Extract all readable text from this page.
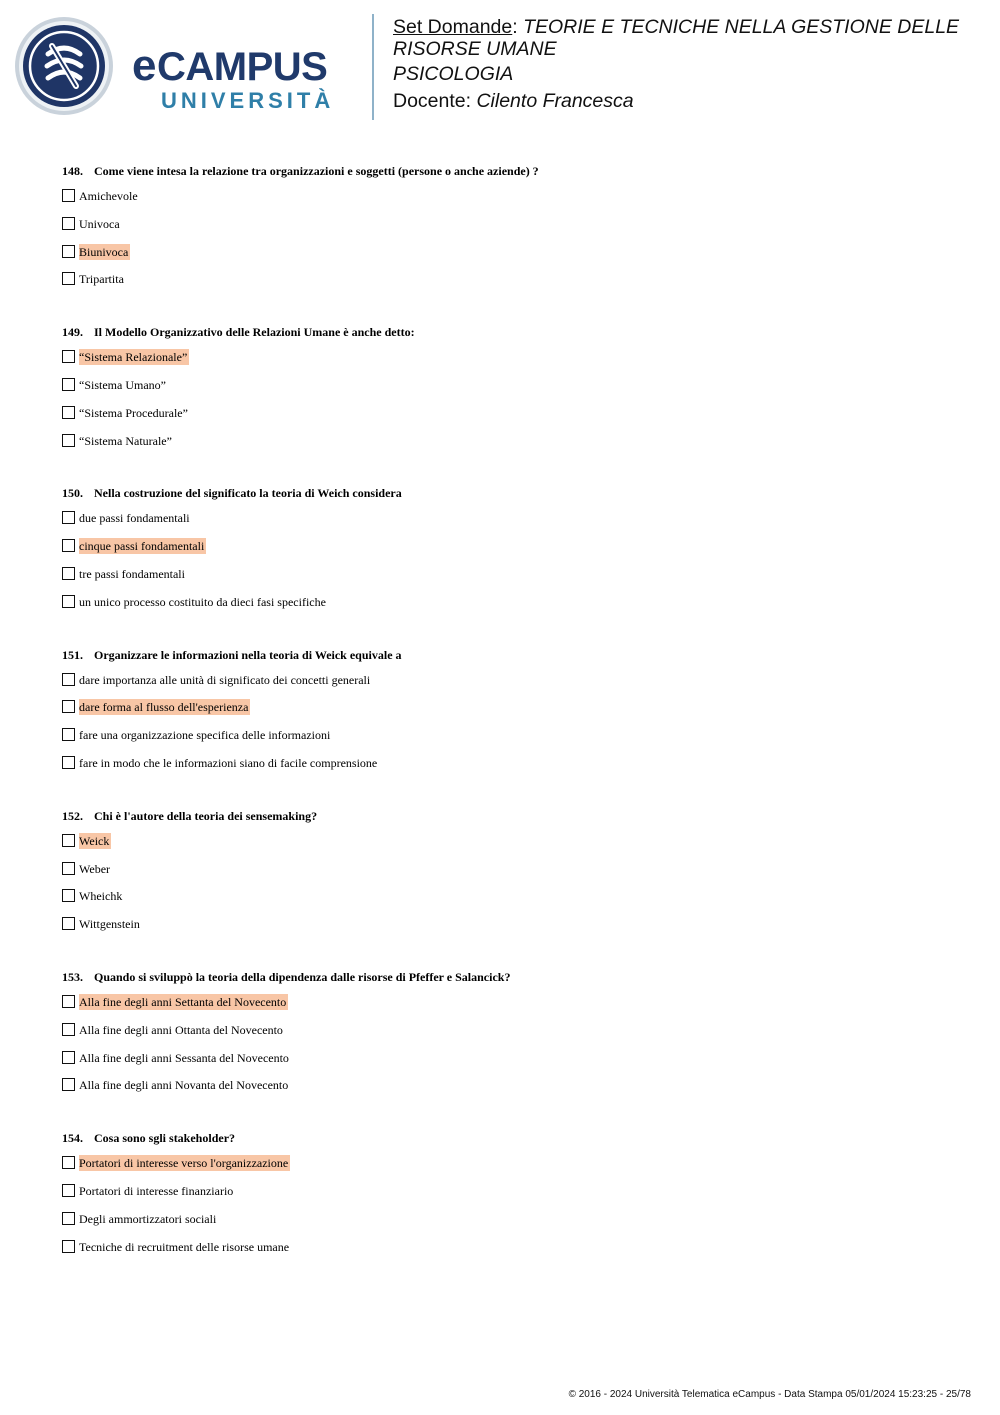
e CAMPUS
UNIVERSITÀ

Set Domande: TEORIE E TECNICHE NELLA GESTIONE DELLE RISORSE UMANE

PSICOLOGIA

Docente: Cilento Francesca

148. Come viene intesa la relazione tra organizzazioni e soggetti (persone o anche aziende) ?
Amichevole
Univoca
Biunivoca
Tripartita
149. Il Modello Organizzativo delle Relazioni Umane è anche detto:
“Sistema Relazionale”
“Sistema Umano”
“Sistema Procedurale”
“Sistema Naturale”
150. Nella costruzione del significato la teoria di Weich considera
due passi fondamentali
cinque passi fondamentali
tre passi fondamentali
un unico processo costituito da dieci fasi specifiche
151. Organizzare le informazioni nella teoria di Weick equivale a
dare importanza alle unità di significato dei concetti generali
dare forma al flusso dell'esperienza
fare una organizzazione specifica delle informazioni
fare in modo che le informazioni siano di facile comprensione
152. Chi è l'autore della teoria dei sensemaking?
Weick
Weber
Wheichk
Wittgenstein
153. Quando si sviluppò la teoria della dipendenza dalle risorse di Pfeffer e Salancick?
Alla fine degli anni Settanta del Novecento
Alla fine degli anni Ottanta del Novecento
Alla fine degli anni Sessanta del Novecento
Alla fine degli anni Novanta del Novecento
154. Cosa sono sgli stakeholder?
Portatori di interesse verso l'organizzazione
Portatori di interesse finanziario
Degli ammortizzatori sociali
Tecniche di recruitment delle risorse umane
© 2016 - 2024 Università Telematica eCampus - Data Stampa 05/01/2024 15:23:25 - 25/78
